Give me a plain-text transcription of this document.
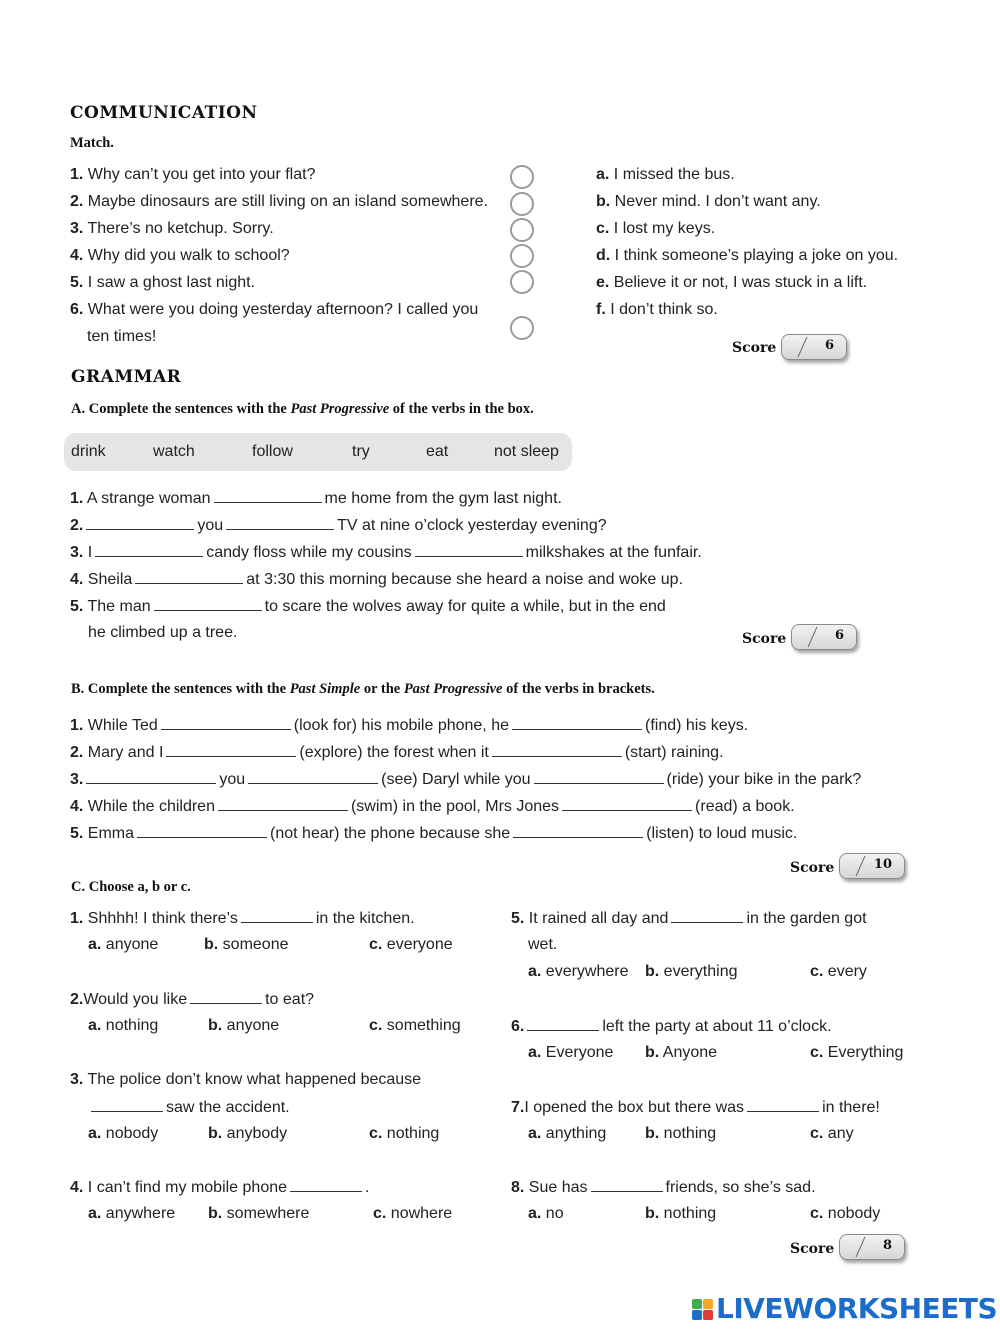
COMMUNICATION
Match.
1. Why can’t you get into your flat?
2. Maybe dinosaurs are still living on an island somewhere.
3. There’s no ketchup. Sorry.
4. Why did you walk to school?
5. I saw a ghost last night.
6. What were you doing yesterday afternoon? I called you
ten times!
a. I missed the bus.
b. Never mind. I don’t want any.
c. I lost my keys.
d. I think someone’s playing a joke on you.
e. Believe it or not, I was stuck in a lift.
f. I don’t think so.
Score	6
GRAMMAR
A. Complete the sentences with the Past Progressive of the verbs in the box.
drink	watch	follow	try	eat	not sleep
1. A strange woman	me home from the gym last night.
2.	you	TV at nine o’clock yesterday evening?
3. I	candy floss while my cousins	milkshakes at the funfair.
4. Sheila	at 3:30 this morning because she heard a noise and woke up.
5. The man	to scare the wolves away for quite a while, but in the end
he climbed up a tree.	Score	6
B. Complete the sentences with the Past Simple or the Past Progressive of the verbs in brackets.
1. While Ted	(look for) his mobile phone, he	(find) his keys.
2. Mary and I	(explore) the forest when it	(start) raining.
3.	you	(see) Daryl while you	(ride) your bike in the park?
4. While the children	(swim) in the pool, Mrs Jones	(read) a book.
5. Emma	(not hear) the phone because she	(listen) to loud music.
Score	10
C. Choose a, b or c.
1. Shhhh! I think there’s	in the kitchen.
a. anyone	b. someone	c. everyone
2.Would you like	to eat?
a. nothing	b. anyone	c. something
3. The police don’t know what happened because
saw the accident.
a. nobody	b. anybody	c. nothing
4. I can’t find my mobile phone	.
a. anywhere b. somewhere	c. nowhere
5. It rained all day and	in the garden got
wet.
a. everywhere b. everything	c. every
6.	left the party at about 11 o’clock.
a. Everyone b. Anyone	c. Everything
7.I opened the box but there was	in there!
a. anything b. nothing	c. any
8. Sue has	friends, so she’s sad.
a. no	b. nothing	c. nobody
Score	8
LIVEWORKSHEETS
